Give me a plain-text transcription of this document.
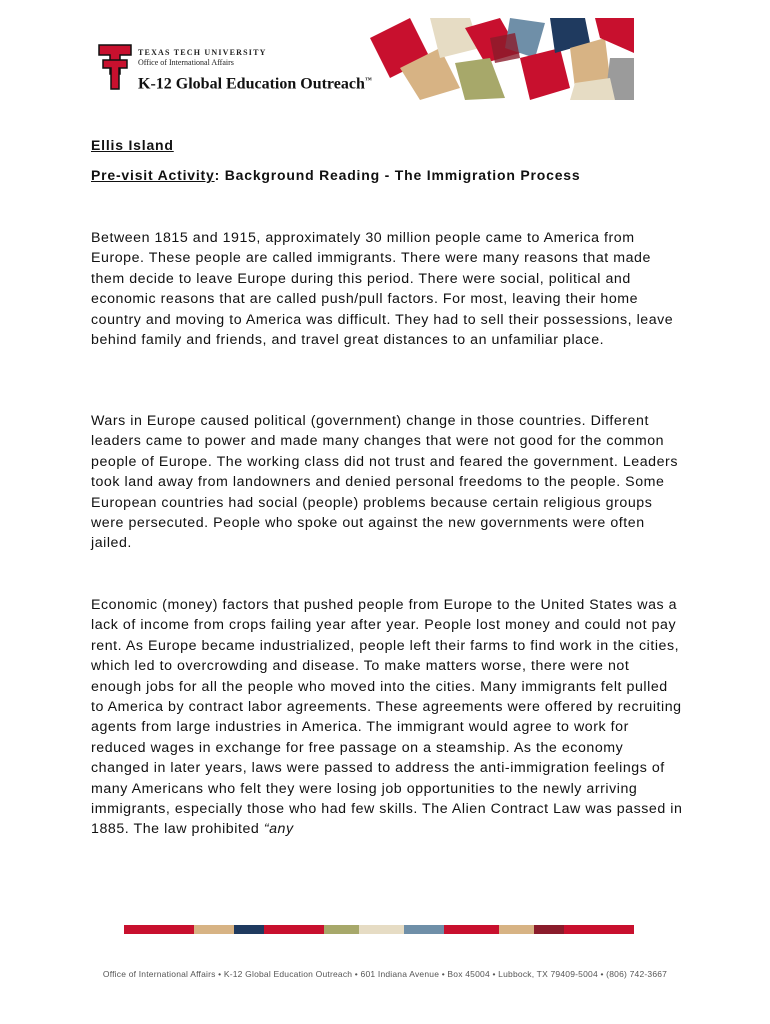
TEXAS TECH UNIVERSITY
Office of International Affairs
K-12 Global Education Outreach™

Ellis Island

Pre-visit Activity: Background Reading - The Immigration Process

Between 1815 and 1915, approximately 30 million people came to America from Europe. These people are called immigrants. There were many reasons that made them decide to leave Europe during this period. There were social, political and economic reasons that are called push/pull factors. For most, leaving their home country and moving to America was difficult. They had to sell their possessions, leave behind family and friends, and travel great distances to an unfamiliar place.

Wars in Europe caused political (government) change in those countries. Different leaders came to power and made many changes that were not good for the common people of Europe. The working class did not trust and feared the government. Leaders took land away from landowners and denied personal freedoms to the people. Some European countries had social (people) problems because certain religious groups were persecuted. People who spoke out against the new governments were often jailed.

Economic (money) factors that pushed people from Europe to the United States was a lack of income from crops failing year after year. People lost money and could not pay rent. As Europe became industrialized, people left their farms to find work in the cities, which led to overcrowding and disease. To make matters worse, there were not enough jobs for all the people who moved into the cities. Many immigrants felt pulled to America by contract labor agreements. These agreements were offered by recruiting agents from large industries in America. The immigrant would agree to work for reduced wages in exchange for free passage on a steamship. As the economy changed in later years, laws were passed to address the anti-immigration feelings of many Americans who felt they were losing job opportunities to the newly arriving immigrants, especially those who had few skills. The Alien Contract Law was passed in 1885. The law prohibited “any

Office of International Affairs • K-12 Global Education Outreach • 601 Indiana Avenue • Box 45004 • Lubbock, TX 79409-5004 • (806) 742-3667
